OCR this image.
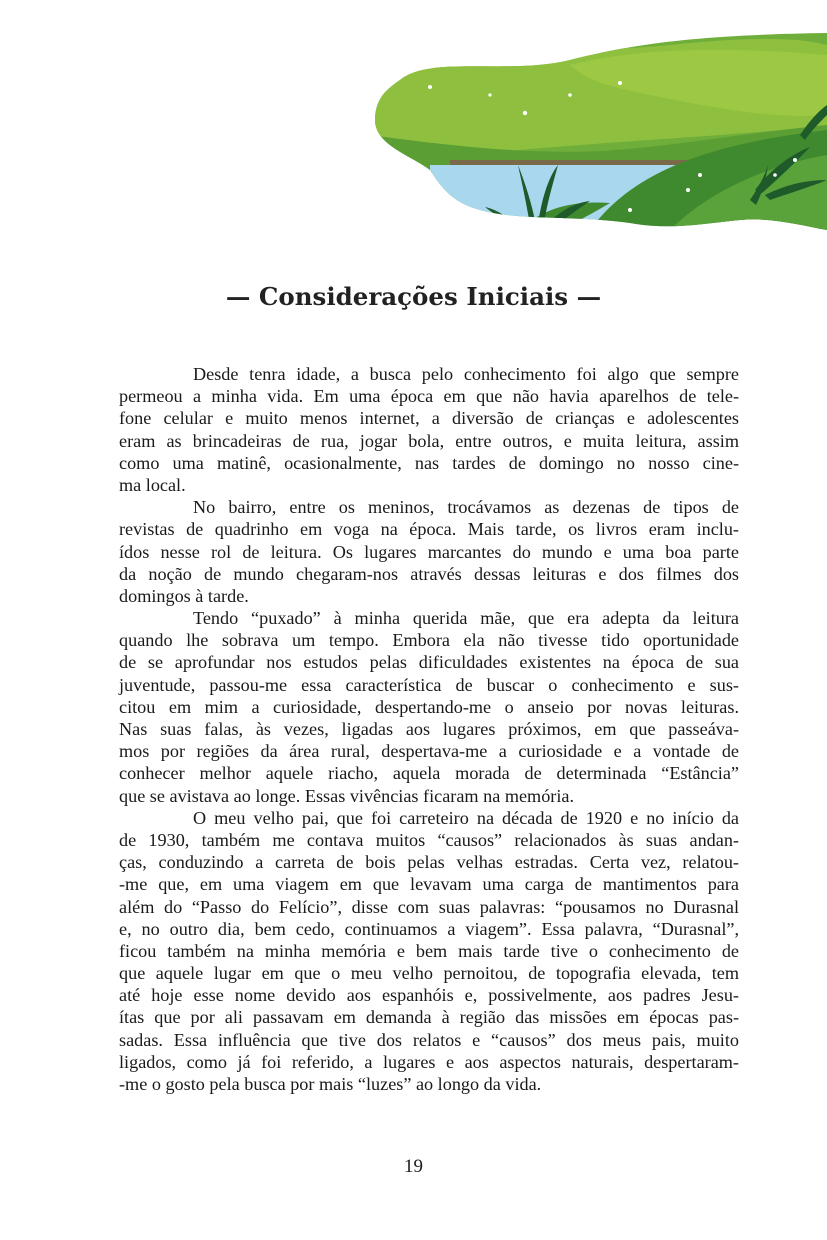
— Considerações Iniciais —
Desde tenra idade, a busca pelo conhecimento foi algo que sempre
permeou a minha vida. Em uma época em que não havia aparelhos de tele-
fone celular e muito menos internet, a diversão de crianças e adolescentes
eram as brincadeiras de rua, jogar bola, entre outros, e muita leitura, assim
como uma matinê, ocasionalmente, nas tardes de domingo no nosso cine-
ma local.
No bairro, entre os meninos, trocávamos as dezenas de tipos de
revistas de quadrinho em voga na época. Mais tarde, os livros eram inclu-
ídos nesse rol de leitura. Os lugares marcantes do mundo e uma boa parte
da noção de mundo chegaram-nos através dessas leituras e dos filmes dos
domingos à tarde.
Tendo “puxado” à minha querida mãe, que era adepta da leitura
quando lhe sobrava um tempo. Embora ela não tivesse tido oportunidade
de se aprofundar nos estudos pelas dificuldades existentes na época de sua
juventude, passou-me essa característica de buscar o conhecimento e sus-
citou em mim a curiosidade, despertando-me o anseio por novas leituras.
Nas suas falas, às vezes, ligadas aos lugares próximos, em que passeáva-
mos por regiões da área rural, despertava-me a curiosidade e a vontade de
conhecer melhor aquele riacho, aquela morada de determinada “Estância”
que se avistava ao longe. Essas vivências ficaram na memória.
O meu velho pai, que foi carreteiro na década de 1920 e no início da
de 1930, também me contava muitos “causos” relacionados às suas andan-
ças, conduzindo a carreta de bois pelas velhas estradas. Certa vez, relatou-
-me que, em uma viagem em que levavam uma carga de mantimentos para
além do “Passo do Felício”, disse com suas palavras: “pousamos no Durasnal
e, no outro dia, bem cedo, continuamos a viagem”. Essa palavra, “Durasnal”,
ficou também na minha memória e bem mais tarde tive o conhecimento de
que aquele lugar em que o meu velho pernoitou, de topografia elevada, tem
até hoje esse nome devido aos espanhóis e, possivelmente, aos padres Jesu-
ítas que por ali passavam em demanda à região das missões em épocas pas-
sadas. Essa influência que tive dos relatos e “causos” dos meus pais, muito
ligados, como já foi referido, a lugares e aos aspectos naturais, despertaram-
-me o gosto pela busca por mais “luzes” ao longo da vida.
19
